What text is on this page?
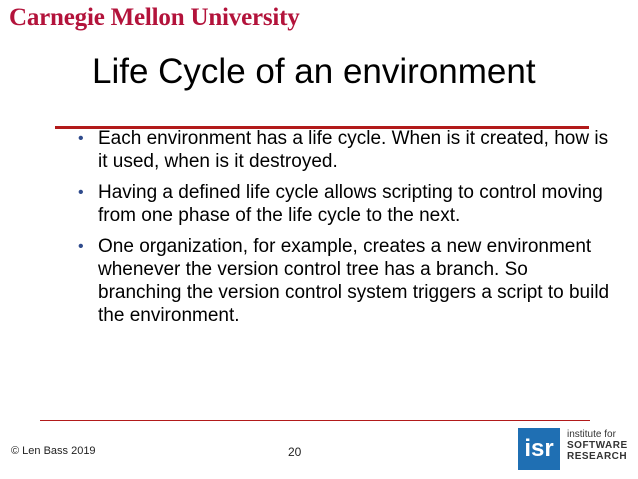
Carnegie Mellon University
Life Cycle of an environment
• Each environment has a life cycle. When is it created, how is it used, when is it destroyed.
• Having a defined life cycle allows scripting to control moving from one phase of the life cycle to the next.
• One organization, for example, creates a new environment whenever the version control tree has a branch. So branching the version control system triggers a script to build the environment.
© Len Bass 2019	20	isr
institute for
SOFTWARE
RESEARCH
